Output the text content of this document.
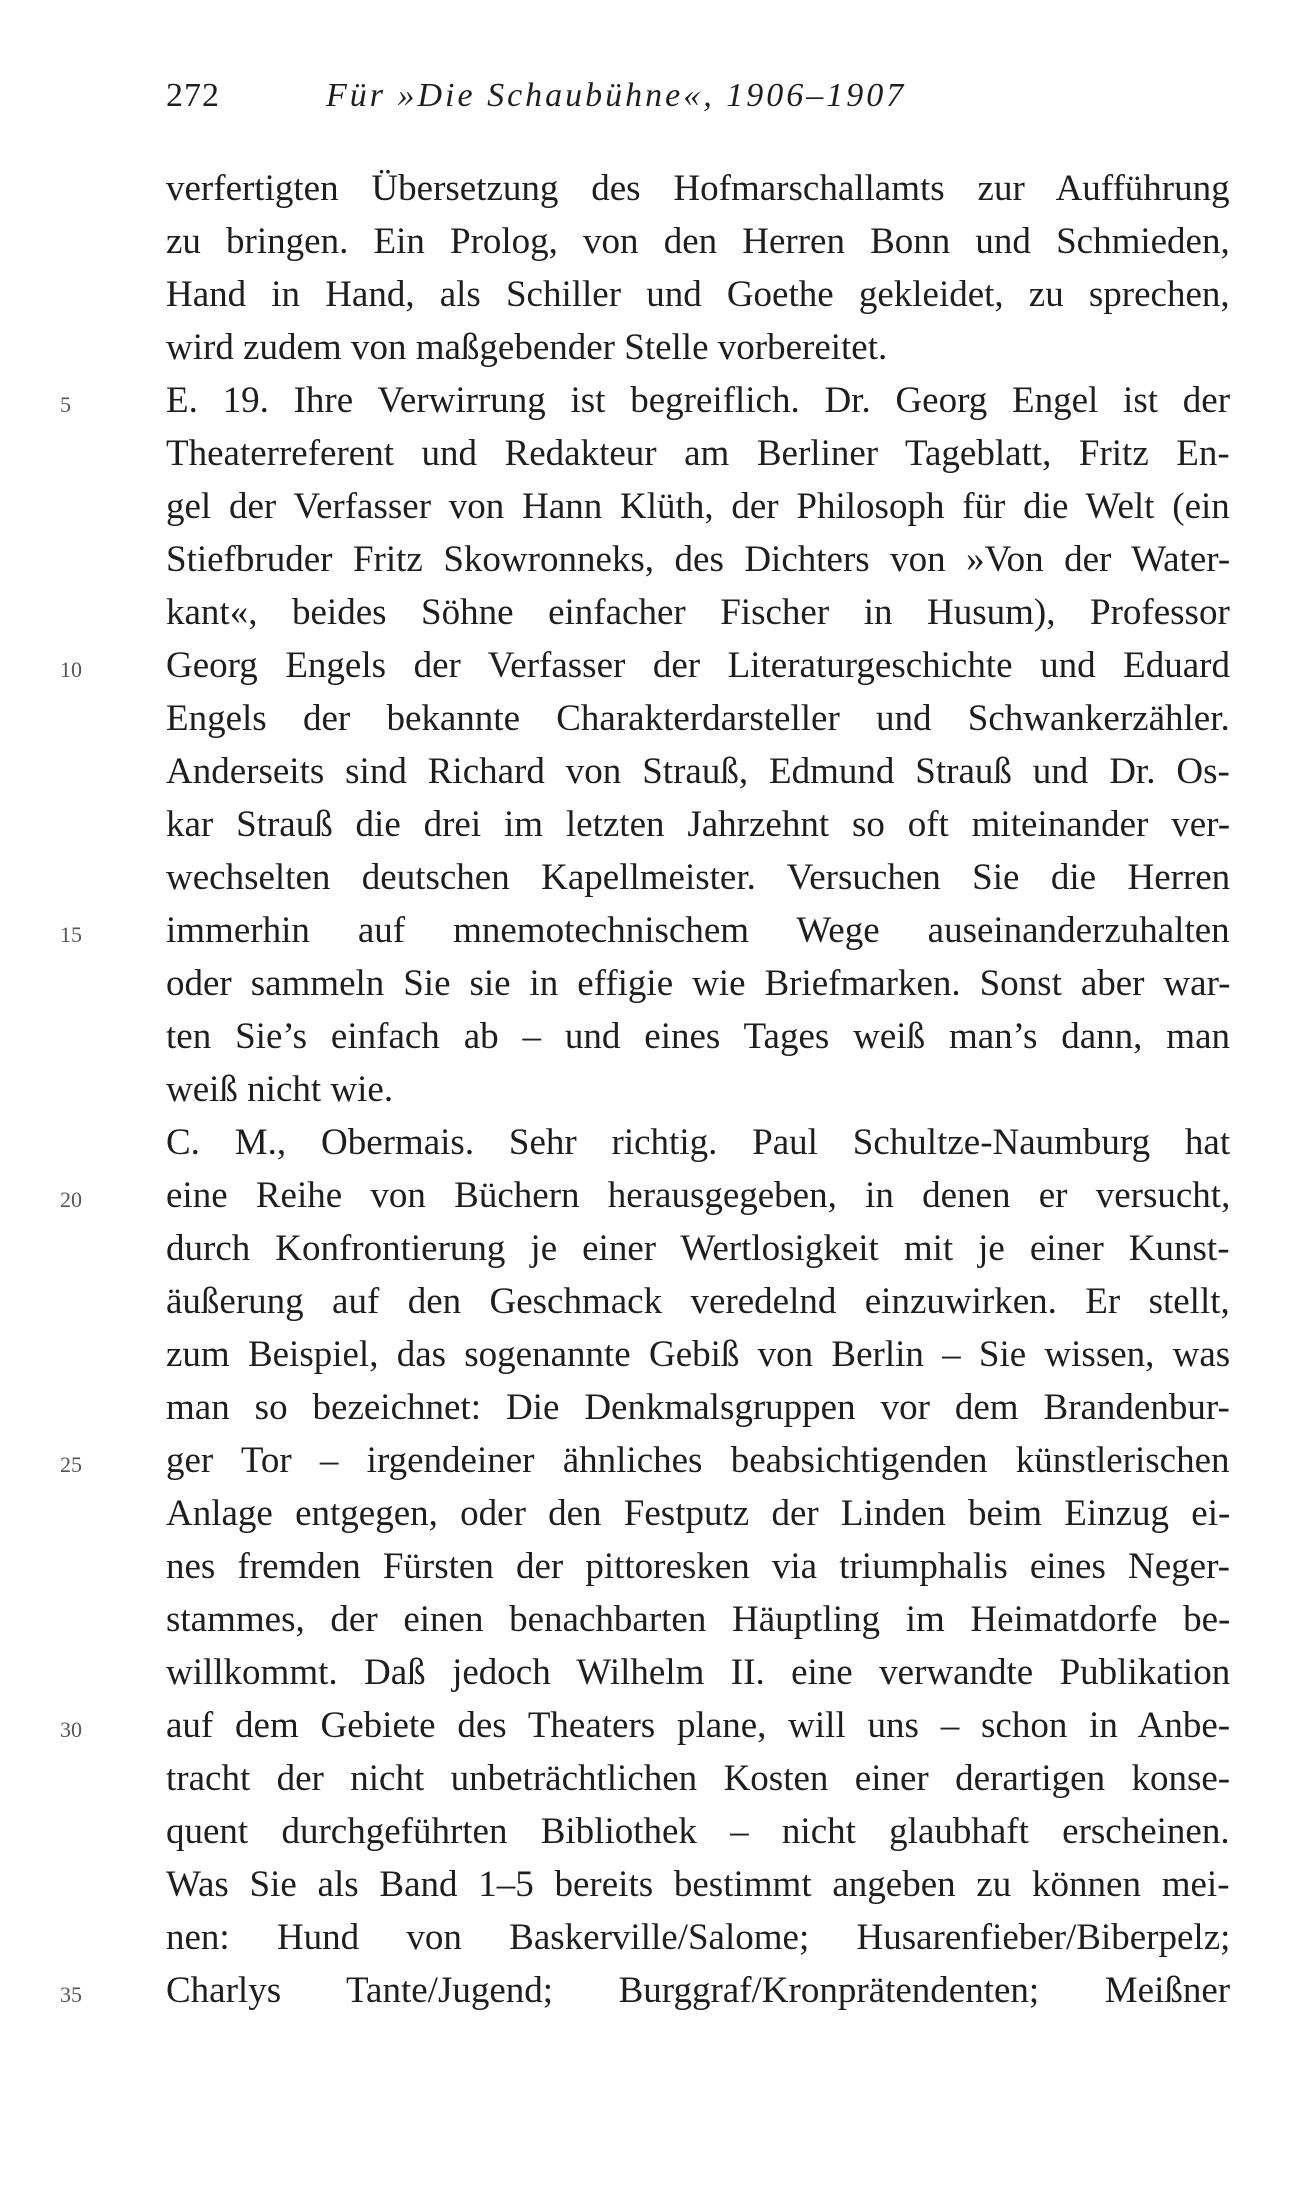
272	Für »Die Schaubühne«, 1906–1907
verfertigten Übersetzung des Hofmarschallamts zur Aufführung
zu bringen. Ein Prolog, von den Herren Bonn und Schmieden,
Hand in Hand, als Schiller und Goethe gekleidet, zu sprechen,
wird zudem von maßgebender Stelle vorbereitet.
5	E. 19. Ihre Verwirrung ist begreiflich. Dr. Georg Engel ist der
Theaterreferent und Redakteur am Berliner Tageblatt, Fritz En-
gel der Verfasser von Hann Klüth, der Philosoph für die Welt (ein
Stiefbruder Fritz Skowronneks, des Dichters von »Von der Water-
kant«, beides Söhne einfacher Fischer in Husum), Professor
10	Georg Engels der Verfasser der Literaturgeschichte und Eduard
Engels der bekannte Charakterdarsteller und Schwankerzähler.
Anderseits sind Richard von Strauß, Edmund Strauß und Dr. Os-
kar Strauß die drei im letzten Jahrzehnt so oft miteinander ver-
wechselten deutschen Kapellmeister. Versuchen Sie die Herren
15	immerhin auf mnemotechnischem Wege auseinanderzuhalten
oder sammeln Sie sie in effigie wie Briefmarken. Sonst aber war-
ten Sie’s einfach ab – und eines Tages weiß man’s dann, man
weiß nicht wie.
C. M., Obermais. Sehr richtig. Paul Schultze-Naumburg hat
20	eine Reihe von Büchern herausgegeben, in denen er versucht,
durch Konfrontierung je einer Wertlosigkeit mit je einer Kunst-
äußerung auf den Geschmack veredelnd einzuwirken. Er stellt,
zum Beispiel, das sogenannte Gebiß von Berlin – Sie wissen, was
man so bezeichnet: Die Denkmalsgruppen vor dem Brandenbur-
25	ger Tor – irgendeiner ähnliches beabsichtigenden künstlerischen
Anlage entgegen, oder den Festputz der Linden beim Einzug ei-
nes fremden Fürsten der pittoresken via triumphalis eines Neger-
stammes, der einen benachbarten Häuptling im Heimatdorfe be-
willkommt. Daß jedoch Wilhelm II. eine verwandte Publikation
30	auf dem Gebiete des Theaters plane, will uns – schon in Anbe-
tracht der nicht unbeträchtlichen Kosten einer derartigen konse-
quent durchgeführten Bibliothek – nicht glaubhaft erscheinen.
Was Sie als Band 1–5 bereits bestimmt angeben zu können mei-
nen: Hund von Baskerville/Salome; Husarenfieber/Biberpelz;
35	Charlys Tante/Jugend; Burggraf/Kronprätendenten; Meißner
